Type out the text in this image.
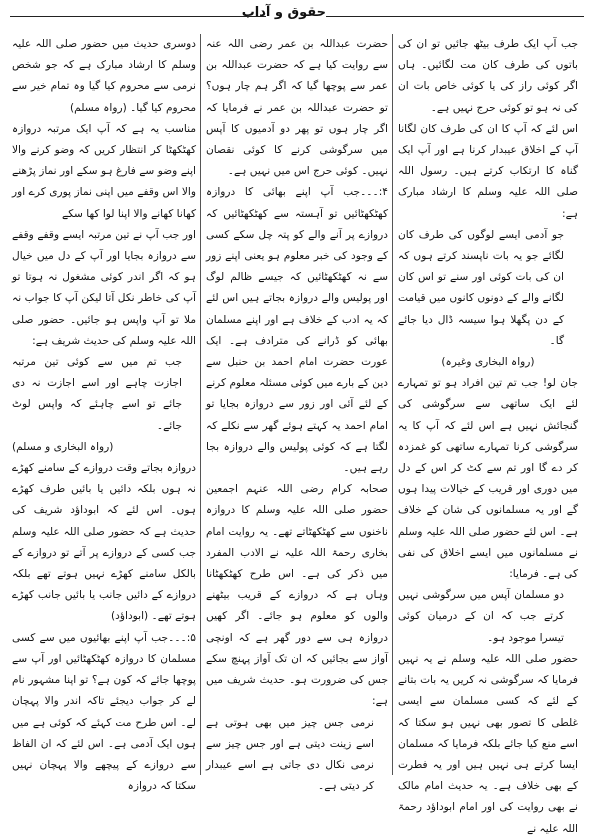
حقوق و آداب

جب آپ ایک طرف بیٹھ جائیں تو ان کی باتوں کی طرف کان مت لگائیں۔ ہاں اگر کوئی راز کی یا کوئی خاص بات ان کی نہ ہو تو کوئی حرج نہیں ہے۔

اس لئے کہ آپ کا ان کی طرف کان لگانا آپ کے اخلاق عیبدار کرنا ہے اور آپ ایک گناہ کا ارتکاب کرتے ہیں۔ رسول اللہ صلی اللہ علیہ وسلم کا ارشاد مبارک ہے:

جو آدمی ایسے لوگوں کی طرف کان لگائے جو یہ بات ناپسند کرتے ہوں کہ ان کی بات کوئی اور سنے تو اس کان لگانے والے کے دونوں کانوں میں قیامت کے دن پگھلا ہوا سیسہ ڈال دیا جائے گا۔

(رواہ البخاری وغیرہ)

جان لو! جب تم تین افراد ہو تو تمہارے لئے ایک ساتھی سے سرگوشی کی گنجائش نہیں ہے اس لئے کہ آپ کا یہ سرگوشی کرنا تمہارے ساتھی کو غمزدہ کر دے گا اور تم سے کٹ کر اس کے دل میں دوری اور قریب کے خیالات پیدا ہوں گے اور یہ مسلمانوں کی شان کے خلاف ہے۔ اس لئے حضور صلی اللہ علیہ وسلم نے مسلمانوں میں ایسے اخلاق کی نفی کی ہے۔ فرمایا:

دو مسلمان آپس میں سرگوشی نہیں کرتے جب کہ ان کے درمیان کوئی تیسرا موجود ہو۔

حضور صلی اللہ علیہ وسلم نے یہ نہیں فرمایا کہ سرگوشی نہ کریں یہ بات بتانے کے لئے کہ کسی مسلمان سے ایسی غلطی کا تصور بھی نہیں ہو سکتا کہ اسے منع کیا جائے بلکہ فرمایا کہ مسلمان ایسا کرتے ہی نہیں ہیں اور یہ فطرت کے بھی خلاف ہے۔ یہ حدیث امام مالک نے بھی روایت کی اور امام ابوداؤد رحمۃ اللہ علیہ نے

حضرت عبداللہ بن عمر رضی اللہ عنہ سے روایت کیا ہے کہ حضرت عبداللہ بن عمر سے پوچھا گیا کہ اگر ہم چار ہوں؟ تو حضرت عبداللہ بن عمر نے فرمایا کہ اگر چار ہوں تو پھر دو آدمیوں کا آپس میں سرگوشی کرنے کا کوئی نقصان نہیں۔ کوئی حرج اس میں نہیں ہے۔

۴:۔۔۔جب آپ اپنے بھائی کا دروازہ کھٹکھٹائیں تو آہستہ سے کھٹکھٹائیں کہ دروازے پر آنے والے کو پتہ چل سکے کسی کے وجود کی خبر معلوم ہو یعنی اپنے زور سے نہ کھٹکھٹائیں کہ جیسے ظالم لوگ اور پولیس والے دروازہ بجاتے ہیں اس لئے کہ یہ ادب کے خلاف ہے اور اپنے مسلمان بھائی کو ڈرانے کی مترادف ہے۔ ایک عورت حضرت امام احمد بن حنبل سے دین کے بارے میں کوئی مسئلہ معلوم کرنے کے لئے آئی اور زور سے دروازہ بجایا تو امام احمد یہ کہتے ہوئے گھر سے نکلے کہ لگتا ہے کہ کوئی پولیس والے دروازہ بجا رہے ہیں۔

صحابہ کرام رضی اللہ عنہم اجمعین حضور صلی اللہ علیہ وسلم کا دروازہ ناخنوں سے کھٹکھٹاتے تھے۔ یہ روایت امام بخاری رحمۃ اللہ علیہ نے الادب المفرد میں ذکر کی ہے۔ اس طرح کھٹکھٹانا وہاں ہے کہ دروازے کے قریب بیٹھنے والوں کو معلوم ہو جائے۔ اگر کھیں دروازہ ہی سے دور گھر ہے کہ اونچی آواز سے بجائیں کہ ان تک آواز پہنچ سکے جس کی ضرورت ہو۔ حدیث شریف میں ہے:

نرمی جس چیز میں بھی ہوتی ہے اسے زینت دیتی ہے اور جس چیز سے نرمی نکال دی جاتی ہے اسے عیبدار کر دیتی ہے۔

دوسری حدیث میں حضور صلی اللہ علیہ وسلم کا ارشاد مبارک ہے کہ جو شخص نرمی سے محروم کیا گیا وہ تمام خیر سے محروم کیا گیا۔ (رواہ مسلم)

مناسب یہ ہے کہ آپ ایک مرتبہ دروازہ کھٹکھٹا کر انتظار کریں کہ وضو کرنے والا اپنے وضو سے فارغ ہو سکے اور نماز پڑھنے والا اس وقفے میں اپنی نماز پوری کرے اور کھانا کھانے والا اپنا لوا کھا سکے

اور جب آپ نے تین مرتبہ ایسے وقفے وقفے سے دروازہ بجایا اور آپ کے دل میں خیال ہو کہ اگر اندر کوئی مشغول نہ ہوتا تو آپ کی خاطر نکل آتا لیکن آپ کا جواب نہ ملا تو آپ واپس ہو جائیں۔ حضور صلی اللہ علیہ وسلم کی حدیث شریف ہے:

جب تم میں سے کوئی تین مرتبہ اجازت چاہے اور اسے اجازت نہ دی جائے تو اسے چاہئے کہ واپس لوٹ جائے۔

(رواہ البخاری و مسلم)

دروازہ بجاتے وقت دروازے کے سامنے کھڑے نہ ہوں بلکہ دائیں یا بائیں طرف کھڑے ہوں۔ اس لئے کہ ابوداؤد شریف کی حدیث ہے کہ حضور صلی اللہ علیہ وسلم جب کسی کے دروازے پر آتے تو دروازے کے بالکل سامنے کھڑے نہیں ہوتے تھے بلکہ دروازے کے دائیں جانب یا بائیں جانب کھڑے ہوتے تھے۔ (ابوداؤد)

۵:۔۔۔جب آپ اپنے بھائیوں میں سے کسی مسلمان کا دروازہ کھٹکھٹائیں اور آپ سے پوچھا جائے کہ کون ہے؟ تو اپنا مشہور نام لے کر جواب دیجئے تاکہ اندر والا پہچان لے۔ اس طرح مت کہئے کہ کوئی ہے میں ہوں ایک آدمی ہے۔ اس لئے کہ ان الفاظ سے دروازے کے پیچھے والا پہچان نہیں سکتا کہ دروازہ
